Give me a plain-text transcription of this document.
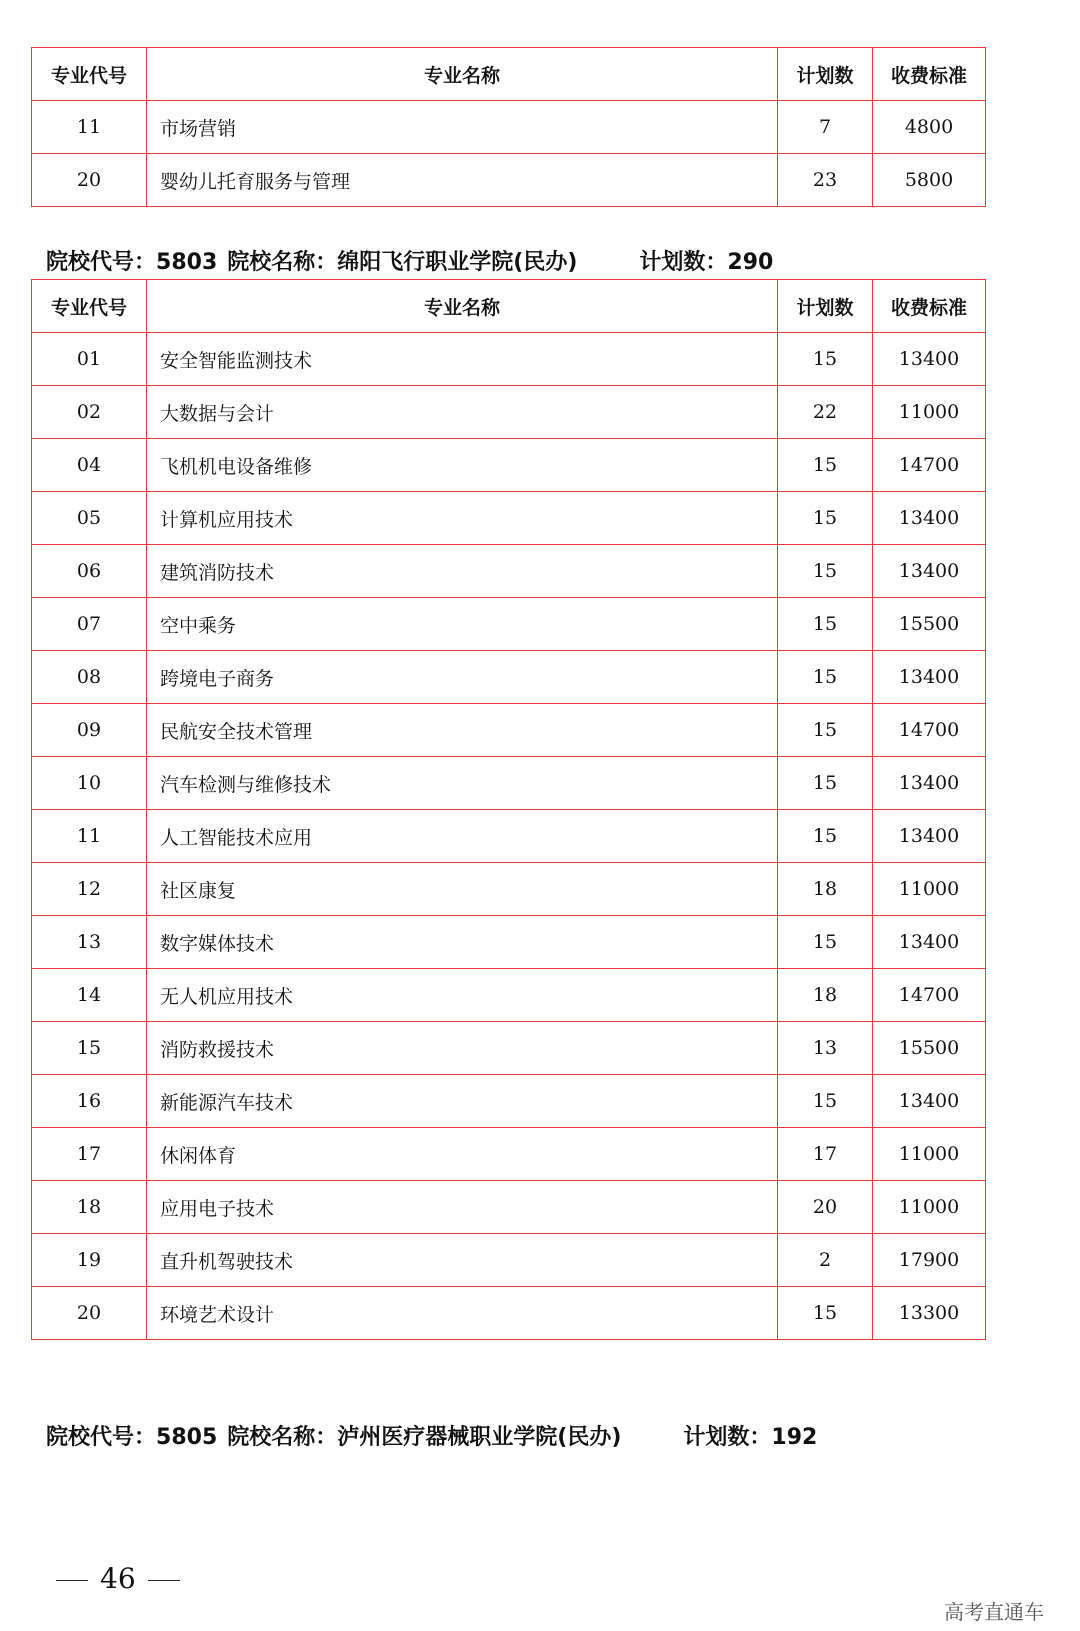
专业代号	专业名称	计划数	收费标准
11	市场营销	7	4800
20	婴幼儿托育服务与管理	23	5800
院校代号：5803 院校名称：绵阳飞行职业学院(民办)	计划数：290
专业代号	专业名称	计划数	收费标准
01	安全智能监测技术	15	13400
02	大数据与会计	22	11000
04	飞机机电设备维修	15	14700
05	计算机应用技术	15	13400
06	建筑消防技术	15	13400
07	空中乘务	15	15500
08	跨境电子商务	15	13400
09	民航安全技术管理	15	14700
10	汽车检测与维修技术	15	13400
11	人工智能技术应用	15	13400
12	社区康复	18	11000
13	数字媒体技术	15	13400
14	无人机应用技术	18	14700
15	消防救援技术	13	15500
16	新能源汽车技术	15	13400
17	休闲体育	17	11000
18	应用电子技术	20	11000
19	直升机驾驶技术	2	17900
20	环境艺术设计	15	13300
院校代号：5805 院校名称：泸州医疗器械职业学院(民办)	计划数：192
46
高考直通车
